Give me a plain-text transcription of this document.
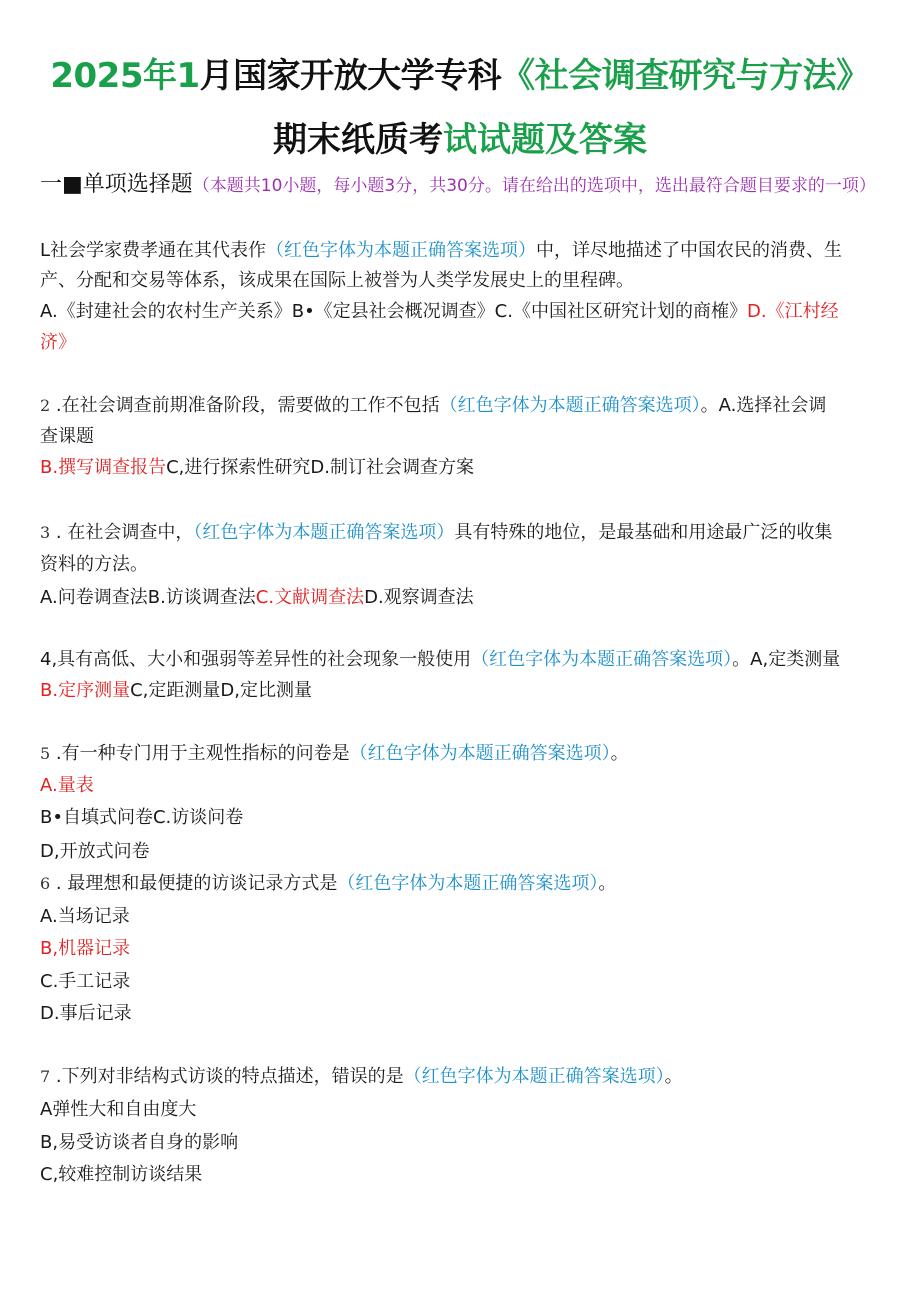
2025年1月国家开放大学专科《社会调查研究与方法》
期末纸质考试试题及答案
一■单项选择题（本题共10小题，每小题3分，共30分。请在给出的选项中，选出最符合题目要求的一项）
L社会学家费孝通在其代表作（红色字体为本题正确答案选项）中，详尽地描述了中国农民的消费、生
产、分配和交易等体系，该成果在国际上被誉为人类学发展史上的里程碑。
A.《封建社会的农村生产关系》B•《定县社会概况调查》C.《中国社区研究计划的商榷》D.《江村经
济》
2 .在社会调查前期准备阶段，需要做的工作不包括（红色字体为本题正确答案选项）。A.选择社会调
查课题
B.撰写调查报告C,进行探索性研究D.制订社会调查方案
3 . 在社会调查中，（红色字体为本题正确答案选项）具有特殊的地位，是最基础和用途最广泛的收集
资料的方法。
A.问卷调查法B.访谈调查法C.文献调查法D.观察调查法
4,具有高低、大小和强弱等差异性的社会现象一般使用（红色字体为本题正确答案选项）。A,定类测量
B.定序测量C,定距测量D,定比测量
5 .有一种专门用于主观性指标的问卷是（红色字体为本题正确答案选项）。
A.量表
B•自填式问卷C.访谈问卷
D,开放式问卷
6 . 最理想和最便捷的访谈记录方式是（红色字体为本题正确答案选项）。
A.当场记录
B,机器记录
C.手工记录
D.事后记录
7 .下列对非结构式访谈的特点描述，错误的是（红色字体为本题正确答案选项）。
A弹性大和自由度大
B,易受访谈者自身的影响
C,较难控制访谈结果
